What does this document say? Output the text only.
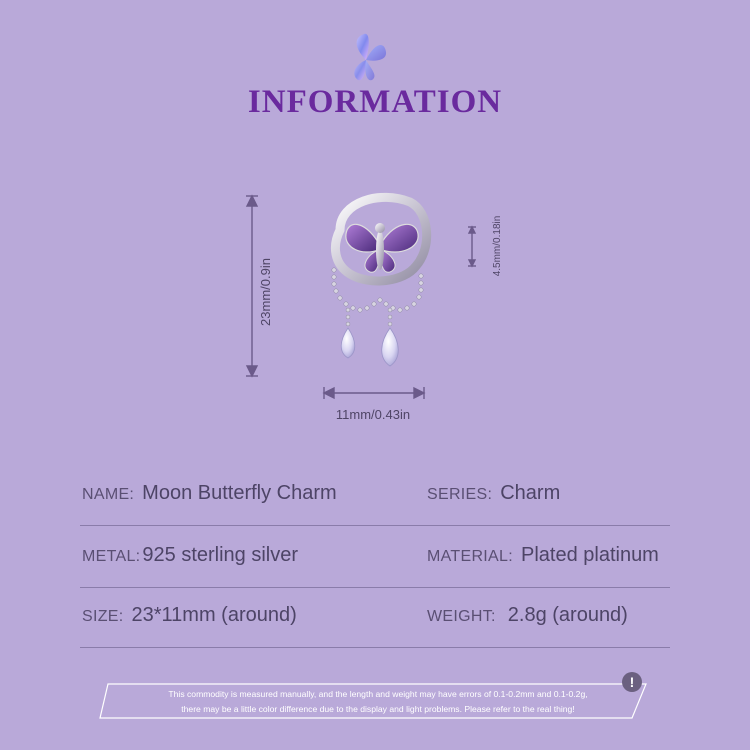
INFORMATION
23mm/0.9in
11mm/0.43in
4.5mm/0.18in
NAME: Moon Butterfly Charm	SERIES: Charm
METAL: 925 sterling silver	MATERIAL: Plated platinum
SIZE: 23*11mm (around)	WEIGHT: 2.8g (around)
This commodity is measured manually, and the length and weight may have errors of 0.1-0.2mm and 0.1-0.2g,
there may be a little color difference due to the display and light problems. Please refer to the real thing!
!
